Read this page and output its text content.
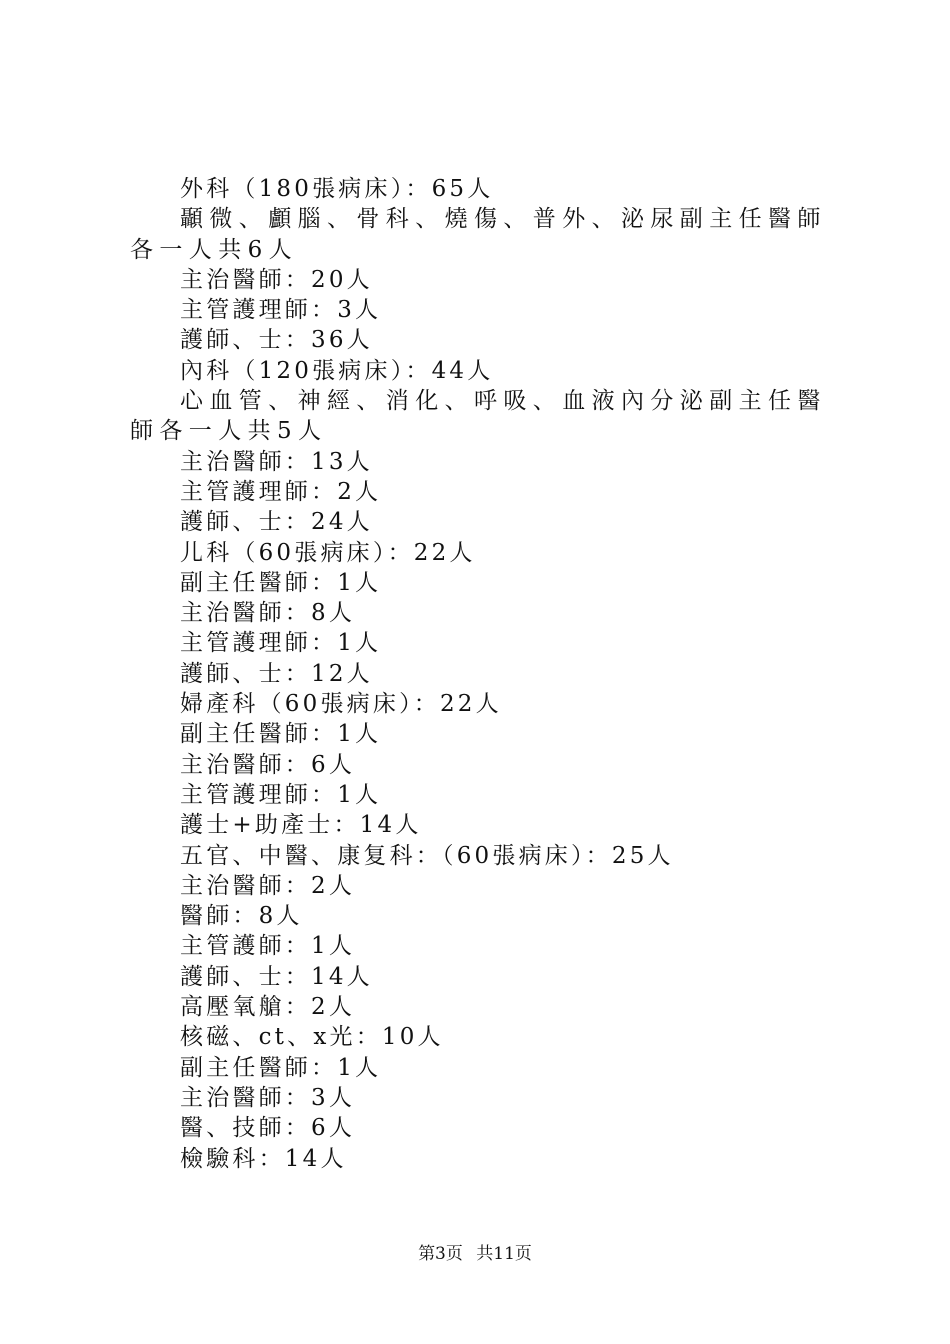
外科（180張病床）：65人
顳微、顱腦、骨科、燒傷、普外、泌尿副主任醫師各一人共6人
主治醫師：20人
主管護理師：3人
護師、士：36人
內科（120張病床）：44人
心血管、神經、消化、呼吸、血液內分泌副主任醫師各一人共5人
主治醫師：13人
主管護理師：2人
護師、士：24人
儿科（60張病床）：22人
副主任醫師：1人
主治醫師：8人
主管護理師：1人
護師、士：12人
婦產科（60張病床）：22人
副主任醫師：1人
主治醫師：6人
主管護理師：1人
護士+助產士：14人
五官、中醫、康复科：（60張病床）：25人
主治醫師：2人
醫師：8人
主管護師：1人
護師、士：14人
高壓氧艙：2人
核磁、ct、x光：10人
副主任醫師：1人
主治醫師：3人
醫、技師：6人
檢驗科：14人
第3页 共11页
